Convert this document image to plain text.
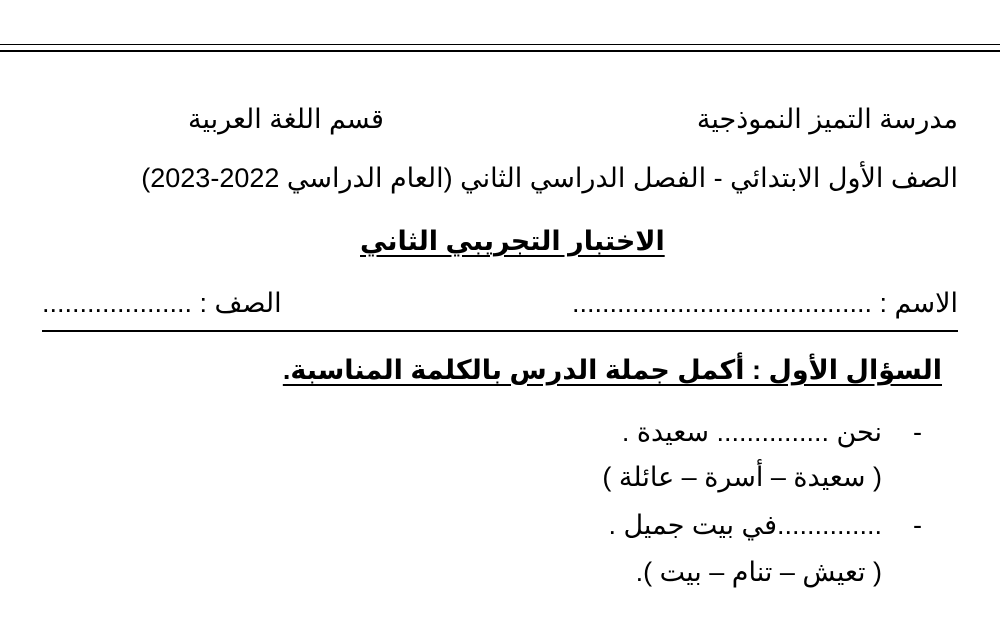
مدرسة التميز النموذجية
قسم اللغة العربية
الصف الأول الابتدائي - الفصل الدراسي الثاني (العام الدراسي 2022-2023)
الاختبار التجريبي الثاني
الاسم : ........................................
الصف : ....................
السؤال الأول : أكمل جملة الدرس بالكلمة المناسبة.
-
نحن ............... سعيدة .
( سعيدة – أسرة – عائلة )
-
..............في بيت جميل .
( تعيش – تنام – بيت ).
